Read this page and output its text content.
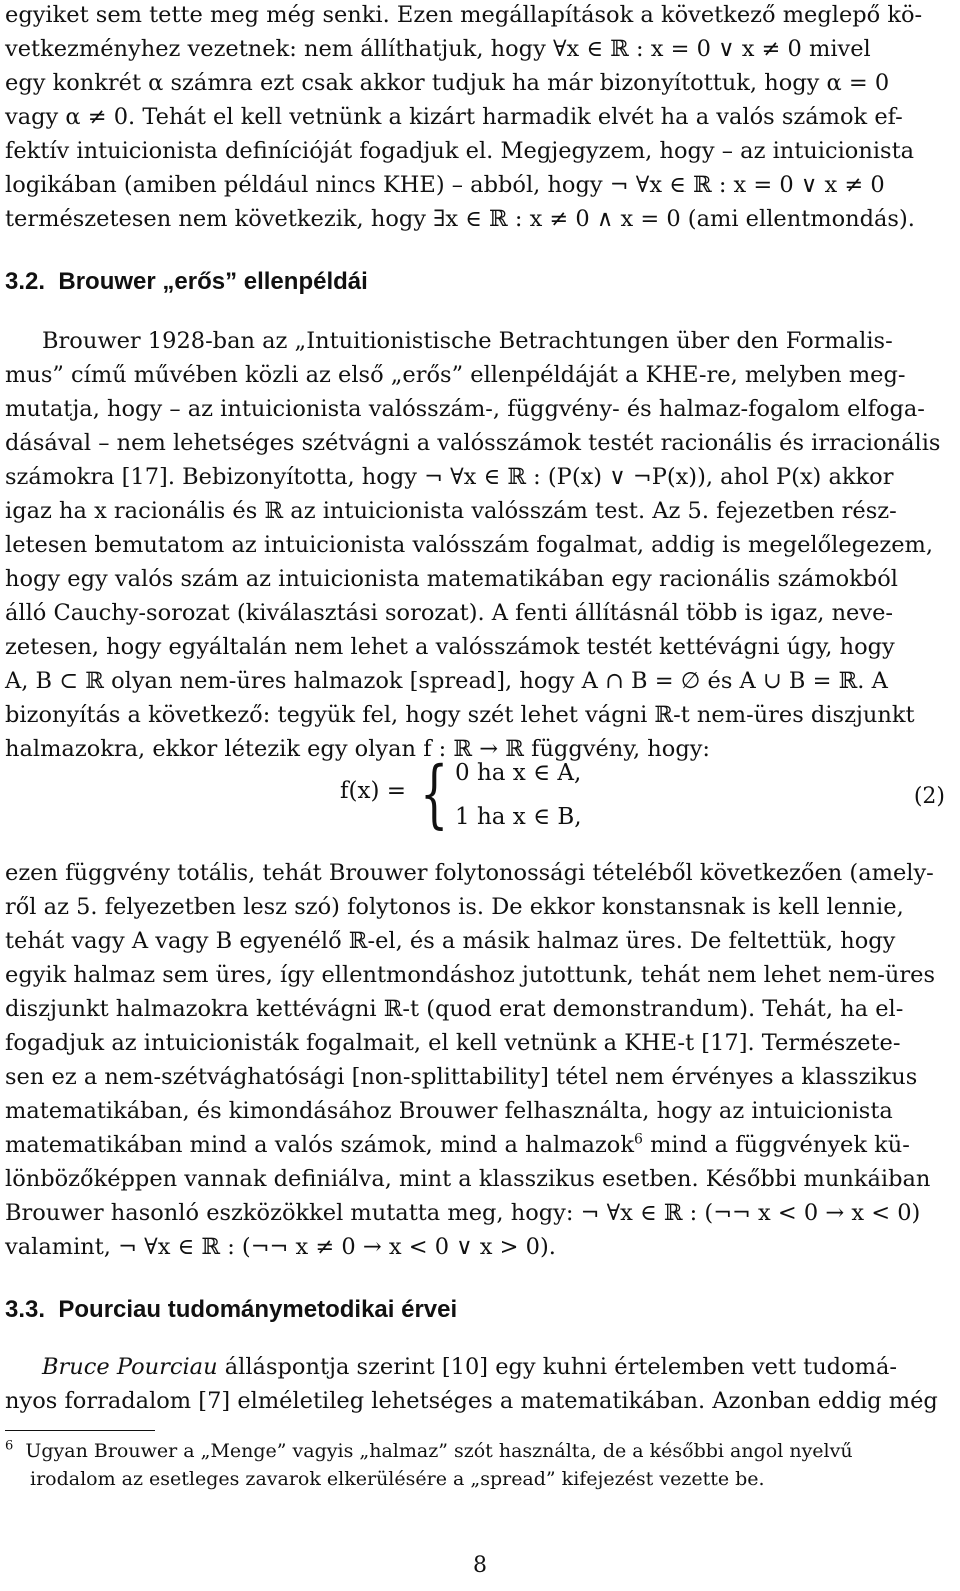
egyiket sem tette meg még senki. Ezen megállapítások a következő meglepő kö-
vetkezményhez vezetnek: nem állíthatjuk, hogy ∀x ∈ ℝ : x = 0 ∨ x ≠ 0 mivel
egy konkrét α számra ezt csak akkor tudjuk ha már bizonyítottuk, hogy α = 0
vagy α ≠ 0. Tehát el kell vetnünk a kizárt harmadik elvét ha a valós számok ef-
fektív intuicionista definícióját fogadjuk el. Megjegyzem, hogy – az intuicionista
logikában (amiben például nincs KHE) – abból, hogy ¬ ∀x ∈ ℝ : x = 0 ∨ x ≠ 0
természetesen nem következik, hogy ∃x ∈ ℝ : x ≠ 0 ∧ x = 0 (ami ellentmondás).
3.2.  Brouwer „erős” ellenpéldái
Brouwer 1928-ban az „Intuitionistische Betrachtungen über den Formalis-
mus” című művében közli az első „erős” ellenpéldáját a KHE-re, melyben meg-
mutatja, hogy – az intuicionista valósszám-, függvény- és halmaz-fogalom elfoga-
dásával – nem lehetséges szétvágni a valósszámok testét racionális és irracionális
számokra [17]. Bebizonyította, hogy ¬ ∀x ∈ ℝ : (P(x) ∨ ¬P(x)), ahol P(x) akkor
igaz ha x racionális és ℝ az intuicionista valósszám test. Az 5. fejezetben rész-
letesen bemutatom az intuicionista valósszám fogalmat, addig is megelőlegezem,
hogy egy valós szám az intuicionista matematikában egy racionális számokból
álló Cauchy-sorozat (kiválasztási sorozat). A fenti állításnál több is igaz, neve-
zetesen, hogy egyáltalán nem lehet a valósszámok testét kettévágni úgy, hogy
A, B ⊂ ℝ olyan nem-üres halmazok [spread], hogy A ∩ B = ∅ és A ∪ B = ℝ. A
bizonyítás a következő: tegyük fel, hogy szét lehet vágni ℝ-t nem-üres diszjunkt
halmazokra, ekkor létezik egy olyan f : ℝ → ℝ függvény, hogy:
f(x) = { 0 ha x ∈ A,
1 ha x ∈ B,
(2)
ezen függvény totális, tehát Brouwer folytonossági tételéből következően (amely-
ről az 5. felyezetben lesz szó) folytonos is. De ekkor konstansnak is kell lennie,
tehát vagy A vagy B egyenélő ℝ-el, és a másik halmaz üres. De feltettük, hogy
egyik halmaz sem üres, így ellentmondáshoz jutottunk, tehát nem lehet nem-üres
diszjunkt halmazokra kettévágni ℝ-t (quod erat demonstrandum). Tehát, ha el-
fogadjuk az intuicionisták fogalmait, el kell vetnünk a KHE-t [17]. Természete-
sen ez a nem-szétvághatósági [non-splittability] tétel nem érvényes a klasszikus
matematikában, és kimondásához Brouwer felhasználta, hogy az intuicionista
matematikában mind a valós számok, mind a halmazok$^6$ mind a függvények kü-
lönbözőképpen vannak definiálva, mint a klasszikus esetben. Későbbi munkáiban
Brouwer hasonló eszközökkel mutatta meg, hogy: ¬ ∀x ∈ ℝ : (¬¬ x < 0 → x < 0)
valamint, ¬ ∀x ∈ ℝ : (¬¬ x ≠ 0 → x < 0 ∨ x > 0).
3.3.  Pourciau tudománymetodikai érvei
Bruce Pourciau álláspontja szerint [10] egy kuhni értelemben vett tudomá-
nyos forradalom [7] elméletileg lehetséges a matematikában. Azonban eddig még
$^6$ Ugyan Brouwer a „Menge” vagyis „halmaz” szót használta, de a későbbi angol nyelvű
irodalom az esetleges zavarok elkerülésére a „spread” kifejezést vezette be.
8
